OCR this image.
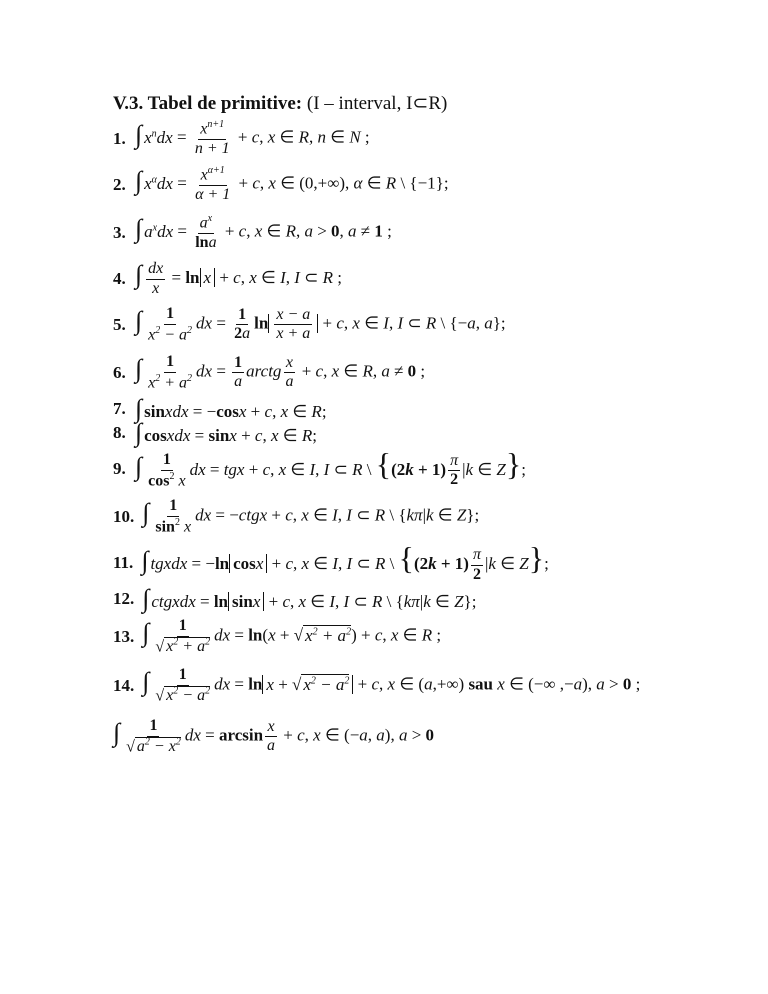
V.3. Tabel de primitive: (I – interval, I⊂R)
1. ∫ $x^ndx = \frac{x^{n+1}}{n + 1} + c$, x ∈ R, n ∈ N ;
2. ∫ $x^\alpha dx = \frac{x^{\alpha+1}}{\alpha + 1} + c$, x ∈ (0,+∞), α ∈ R \ {−1};
3. ∫ $a^xdx = \frac{a^x}{\ln a} + c$, x ∈ R, a > 0, a ≠ 1 ;
4. ∫ $\frac{dx}{x} = \ln x + c$, x ∈ I, I ⊂ R ;
5. ∫ $\frac{1}{x^2 - a^2}$ dx = $\frac{1}{2a}$ $\ln \frac{x - a}{x + a} + c$, x ∈ I, I ⊂ R \ {−a, a};
6. ∫ $\frac{1}{x^2 + a^2}$ dx = $\frac{1}{a}$ arctg $\frac{x}{a} + c$, x ∈ R, a ≠ 0 ;
7. ∫ sinxdx = −cosx + c, x ∈ R;
8. ∫ cosxdx = sinx + c, x ∈ R;
9. ∫ $\frac{1}{\cos^2 x}$ dx = tgx + c, x ∈ I, I ⊂ R \ {$(2k + 1) \frac{\pi}{2} |k$ ∈ Z};
10. ∫ $\frac{1}{\sin^2 x}$ dx = −ctgx + c, x ∈ I, I ⊂ R \ {kπ|k ∈ Z};
11. ∫ tgxdx = −ln cosx + c, x ∈ I, I ⊂ R \ {$(2k + 1) \frac{\pi}{2} |k$ ∈ Z};
12. ∫ ctgxdx = ln sinx + c, x ∈ I, I ⊂ R \ {kπ|k ∈ Z};
13. ∫ $\frac{1}{√ x^2 + a^2}$ dx = ln(x + √ $x^2 + a^2) + c$, x ∈ R ;
14. ∫ $\frac{1}{√ x^2 - a^2}$ dx = ln x + √ $x^2 - a^2 + c$, x ∈ (a,+∞) sau x ∈ (−∞ ,−a), a > 0 ;
∫ $\frac{1}{√ a^2 - x^2}$ dx = $\arcsin \frac{x}{a} + c$, x ∈ (−a, a), a > 0
